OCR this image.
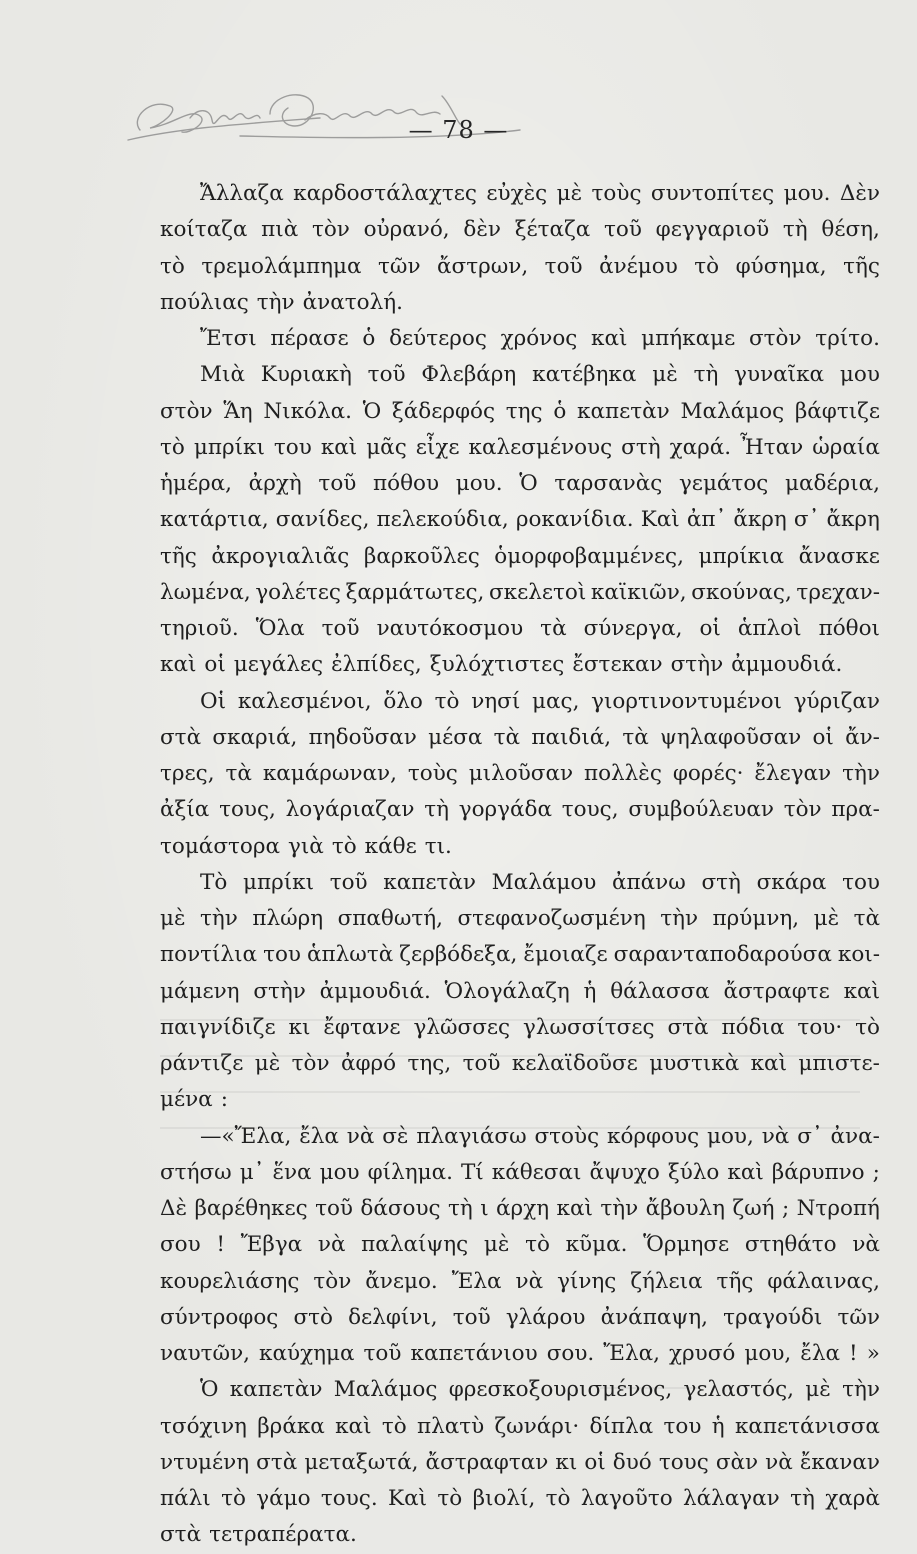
— 78 —
Ἄλλαζα καρδοστάλαχτες εὐχὲς μὲ τοὺς συντοπίτες μου. Δὲν
κοίταζα πιὰ τὸν οὐρανό, δὲν ξέταζα τοῦ φεγγαριοῦ τὴ θέση,
τὸ τρεμολάμπημα τῶν ἄστρων, τοῦ ἀνέμου τὸ φύσημα, τῆς
πούλιας τὴν ἀνατολή.
Ἔτσι πέρασε ὁ δεύτερος χρόνος καὶ μπήκαμε στὸν τρίτο.
Μιὰ Κυριακὴ τοῦ Φλεβάρη κατέβηκα μὲ τὴ γυναῖκα μου
στὸν Ἅη Νικόλα. Ὁ ξάδερφός της ὁ καπετὰν Μαλάμος βάφτιζε
τὸ μπρίκι του καὶ μᾶς εἶχε καλεσμένους στὴ χαρά. Ἦταν ὡραία
ἡμέρα, ἀρχὴ τοῦ πόθου μου. Ὁ ταρσανὰς γεμάτος μαδέρια,
κατάρτια, σανίδες, πελεκούδια, ροκανίδια. Καὶ ἀπ᾽ ἄκρη σ᾽ ἄκρη
τῆς ἀκρογιαλιᾶς βαρκοῦλες ὁμορφοβαμμένες, μπρίκια ἄνασκε
λωμένα, γολέτες ξαρμάτωτες, σκελετοὶ καϊκιῶν, σκούνας, τρεχαν-
τηριοῦ. Ὅλα τοῦ ναυτόκοσμου τὰ σύνεργα, οἱ ἁπλοὶ πόθοι
καὶ οἱ μεγάλες ἐλπίδες, ξυλόχτιστες ἔστεκαν στὴν ἀμμουδιά.
Οἱ καλεσμένοι, ὅλο τὸ νησί μας, γιορτινοντυμένοι γύριζαν
στὰ σκαριά, πηδοῦσαν μέσα τὰ παιδιά, τὰ ψηλαφοῦσαν οἱ ἄν-
τρες, τὰ καμάρωναν, τοὺς μιλοῦσαν πολλὲς φορές· ἔλεγαν τὴν
ἀξία τους, λογάριαζαν τὴ γοργάδα τους, συμβούλευαν τὸν πρα-
τομάστορα γιὰ τὸ κάθε τι.
Τὸ μπρίκι τοῦ καπετὰν Μαλάμου ἀπάνω στὴ σκάρα του
μὲ τὴν πλώρη σπαθωτή, στεφανοζωσμένη τὴν πρύμνη, μὲ τὰ
ποντίλια του ἁπλωτὰ ζερβόδεξα, ἔμοιαζε σαρανταποδαρούσα κοι-
μάμενη στὴν ἀμμουδιά. Ὁλογάλαζη ἡ θάλασσα ἄστραφτε καὶ
παιγνίδιζε κι ἔφτανε γλῶσσες γλωσσίτσες στὰ πόδια του· τὸ
ράντιζε μὲ τὸν ἀφρό της, τοῦ κελαϊδοῦσε μυστικὰ καὶ μπιστε-
μένα :
—«Ἔλα, ἔλα νὰ σὲ πλαγιάσω στοὺς κόρφους μου, νὰ σ᾽ ἀνα-
στήσω μ᾽ ἕνα μου φίλημα. Τί κάθεσαι ἄψυχο ξύλο καὶ βάρυπνο ;
Δὲ βαρέθηκες τοῦ δάσους τὴ ι άρχη καὶ τὴν ἄβουλη ζωή ; Ντροπή
σου ! Ἔβγα νὰ παλαίψης μὲ τὸ κῦμα. Ὅρμησε στηθάτο νὰ
κουρελιάσης τὸν ἄνεμο. Ἔλα νὰ γίνης ζήλεια τῆς φάλαινας,
σύντροφος στὸ δελφίνι, τοῦ γλάρου ἀνάπαψη, τραγούδι τῶν
ναυτῶν, καύχημα τοῦ καπετάνιου σου. Ἔλα, χρυσό μου, ἔλα ! »
Ὁ καπετὰν Μαλάμος φρεσκοξουρισμένος, γελαστός, μὲ τὴν
τσόχινη βράκα καὶ τὸ πλατὺ ζωνάρι· δίπλα του ἡ καπετάνισσα
ντυμένη στὰ μεταξωτά, ἄστραφταν κι οἱ δυό τους σὰν νὰ ἔκαναν
πάλι τὸ γάμο τους. Καὶ τὸ βιολί, τὸ λαγοῦτο λάλαγαν τὴ χαρὰ
στὰ τετραπέρατα.
